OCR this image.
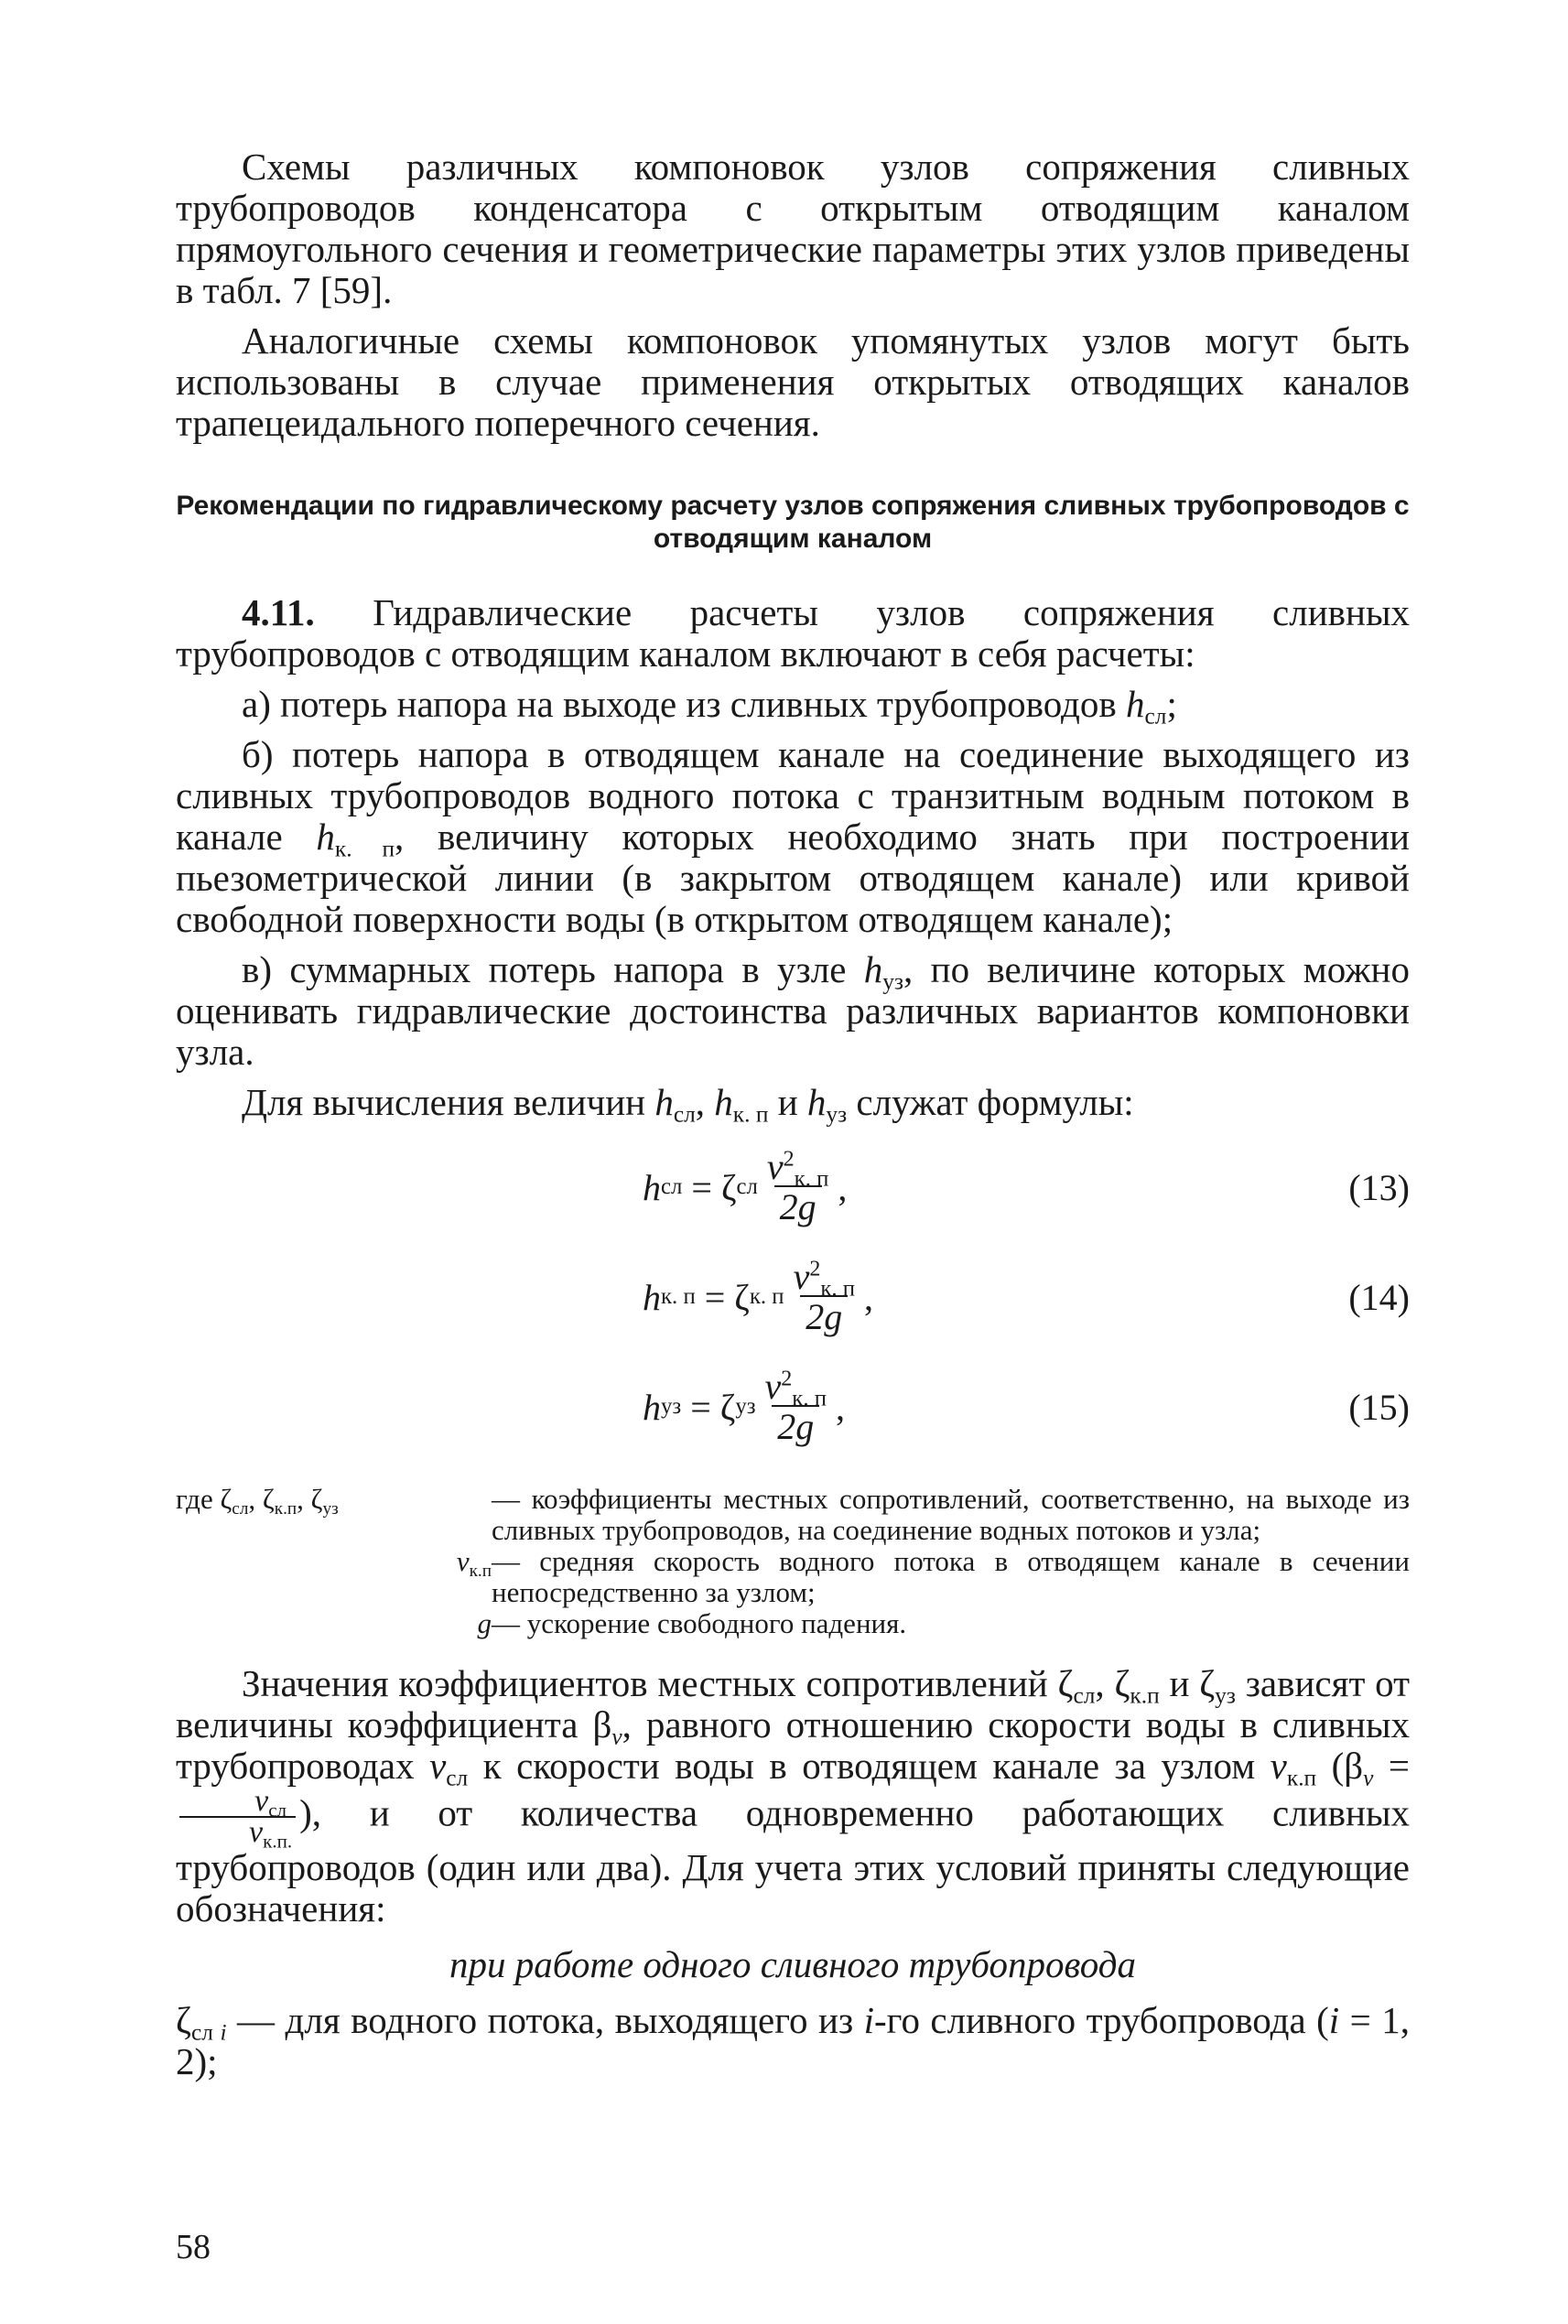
Схемы различных компоновок узлов сопряжения сливных трубопроводов конденсатора с открытым отводящим каналом прямоугольного сечения и геометрические параметры этих узлов приведены в табл. 7 [59].

Аналогичные схемы компоновок упомянутых узлов могут быть использованы в случае применения открытых отводящих каналов трапецеидального поперечного сечения.

Рекомендации по гидравлическому расчету узлов сопряжения сливных трубопроводов с отводящим каналом

4.11. Гидравлические расчеты узлов сопряжения сливных трубопроводов с отводящим каналом включают в себя расчеты:

а) потерь напора на выходе из сливных трубопроводов $h_{сл}$;

б) потерь напора в отводящем канале на соединение выходящего из сливных трубопроводов водного потока с транзитным водным потоком в канале $h_{к. п}$, величину которых необходимо знать при построении пьезометрической линии (в закрытом отводящем канале) или кривой свободной поверхности воды (в открытом отводящем канале);

в) суммарных потерь напора в узле $h_{уз}$, по величине которых можно оценивать гидравлические достоинства различных вариантов компоновки узла.

Для вычисления величин $h_{сл}$, $h_{к. п}$ и $h_{уз}$ служат формулы:

h сл = ζ сл $\frac{v^2_{к. п}}{2g}$ ,	(13)
h к. п = ζ к. п $\frac{v^2_{к. п}}{2g}$ ,	(14)
h уз = ζ уз $\frac{v^2_{к. п}}{2g}$ ,	(15)
где $\zeta_{сл}$, $\zeta_{к.п}$, $\zeta_{уз}$	— коэффициенты местных сопротивлений, соответственно, на выходе из сливных трубопроводов, на соединение водных потоков и узла;
$v_{к.п}$ — средняя скорость водного потока в отводящем канале в сечении непосредственно за узлом;
g — ускорение свободного падения.

Значения коэффициентов местных сопротивлений $\zeta_{сл}$, $\zeta_{к.п}$ и $\zeta_{уз}$ зависят от величины коэффициента $\beta_v$, равного отношению скорости воды в сливных трубопроводах $v_{сл}$ к скорости воды в отводящем канале за узлом $v_{к.п}$ ($\beta_v$ =
$v_{сл}$
$v_{к.п.}$
), и от количества одновременно работающих сливных трубопроводов (один или два). Для учета этих условий приняты следующие обозначения:

при работе одного сливного трубопровода

$\zeta_{сл}$ $_i$ — для водного потока, выходящего из i-го сливного трубопровода (i = 1, 2);

58
